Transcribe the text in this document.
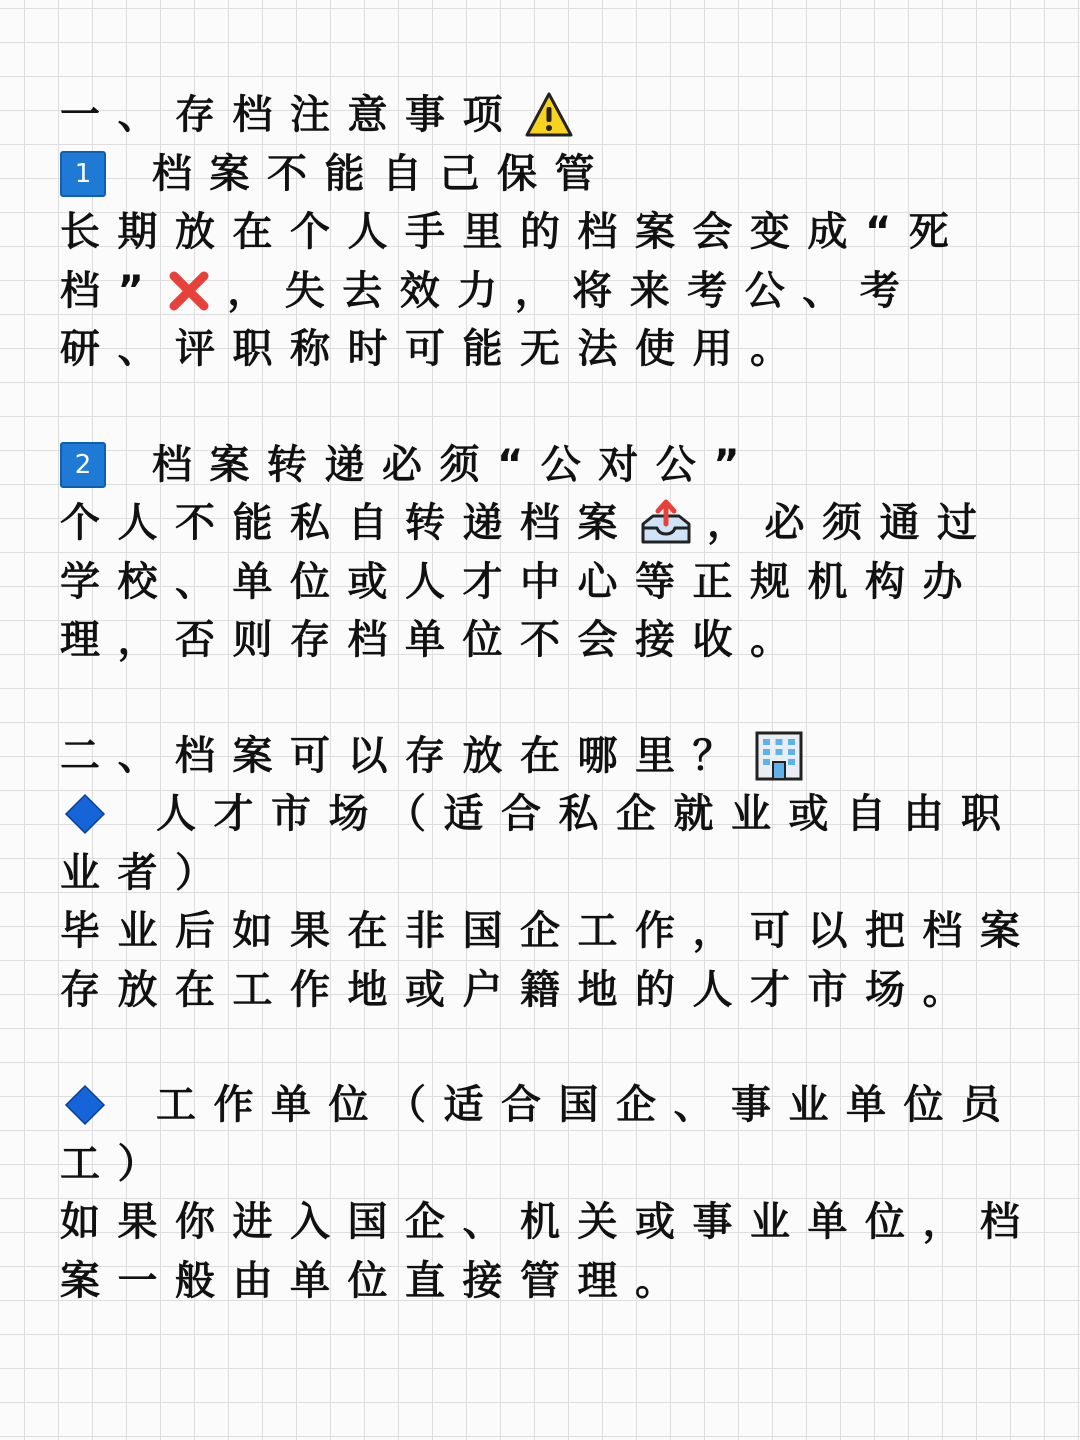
一、存档注意事项
1	档案不能自己保管
长期放在个人手里的档案会变成“死
档” ，失去效力，将来考公、考
研、评职称时可能无法使用。
2	档案转递必须“公对公”
个人不能私自转递档案 ，必须通过
学校、单位或人才中心等正规机构办
理，否则存档单位不会接收。
二、档案可以存放在哪里？
人才市场（适合私企就业或自由职
业者）
毕业后如果在非国企工作，可以把档案
存放在工作地或户籍地的人才市场。
工作单位（适合国企、事业单位员
工）
如果你进入国企、机关或事业单位，档
案一般由单位直接管理。
